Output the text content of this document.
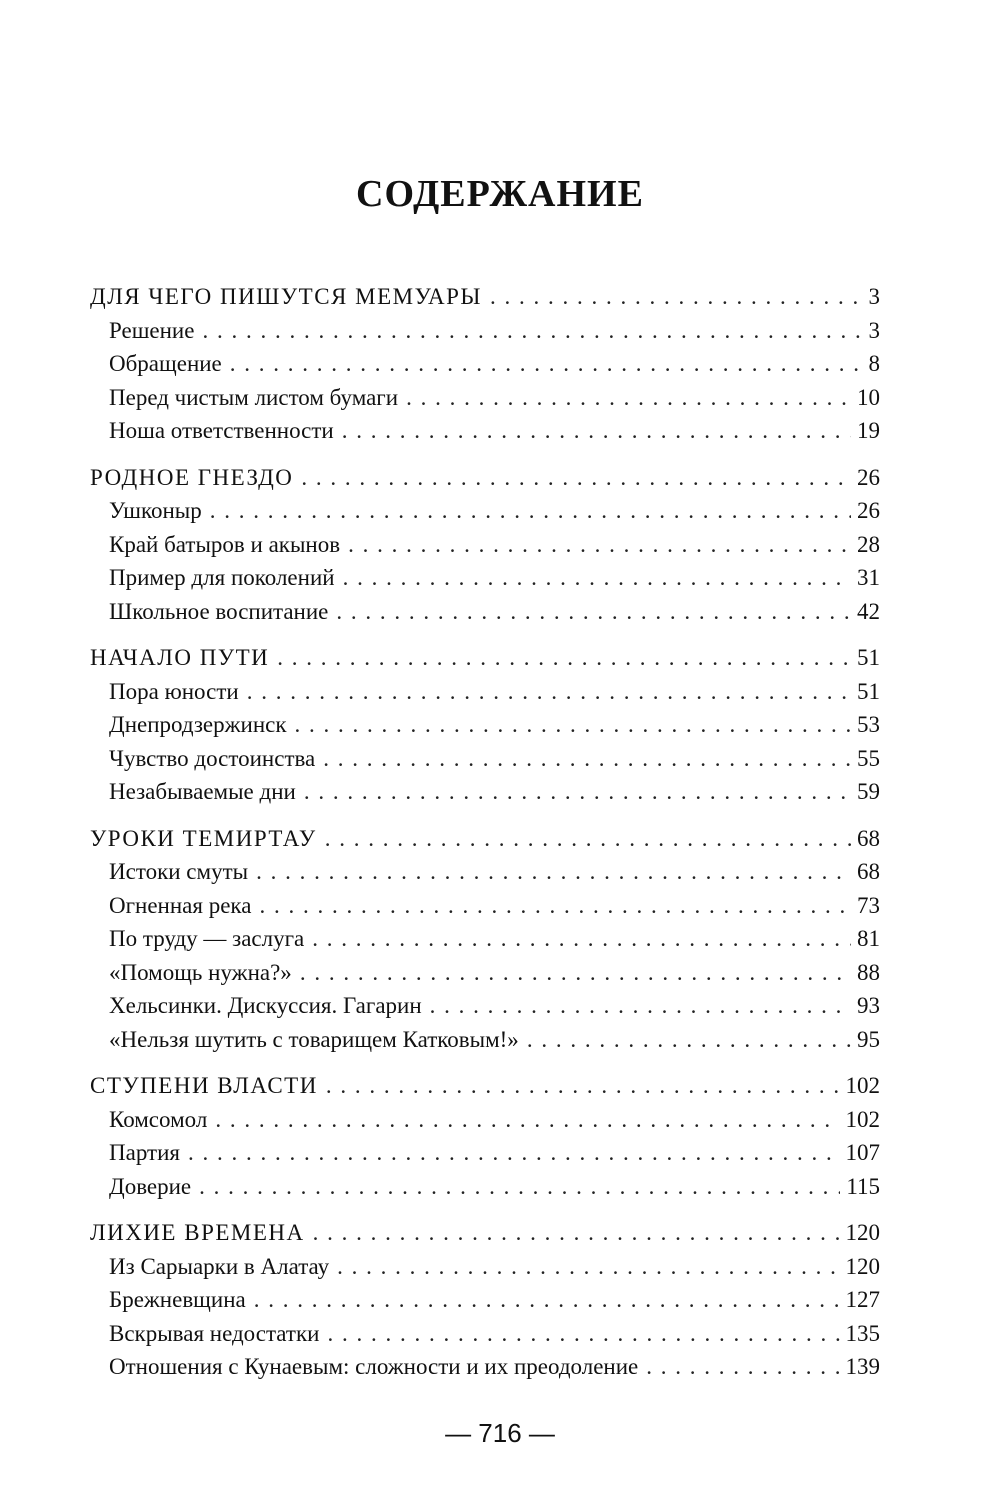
СОДЕРЖАНИЕ
ДЛЯ ЧЕГО ПИШУТСЯ МЕМУАРЫ . . .	3
Решение . . .	3
Обращение . . .	8
Перед чистым листом бумаги . . .	10
Ноша ответственности . . .	19
РОДНОЕ ГНЕЗДО . . .	26
Ушконыр . . .	26
Край батыров и акынов . . .	28
Пример для поколений . . .	31
Школьное воспитание . . .	42
НАЧАЛО ПУТИ . . .	51
Пора юности . . .	51
Днепродзержинск . . .	53
Чувство достоинства . . .	55
Незабываемые дни . . .	59
УРОКИ ТЕМИРТАУ . . .	68
Истоки смуты . . .	68
Огненная река . . .	73
По труду — заслуга . . .	81
«Помощь нужна?» . . .	88
Хельсинки. Дискуссия. Гагарин . . .	93
«Нельзя шутить с товарищем Катковым!» . . .	95
СТУПЕНИ ВЛАСТИ . . .	102
Комсомол . . .	102
Партия . . .	107
Доверие . . .	115
ЛИХИЕ ВРЕМЕНА . . .	120
Из Сарыарки в Алатау . . .	120
Брежневщина . . .	127
Вскрывая недостатки . . .	135
Отношения с Кунаевым: сложности и их преодоление . . .	139
— 716 —
